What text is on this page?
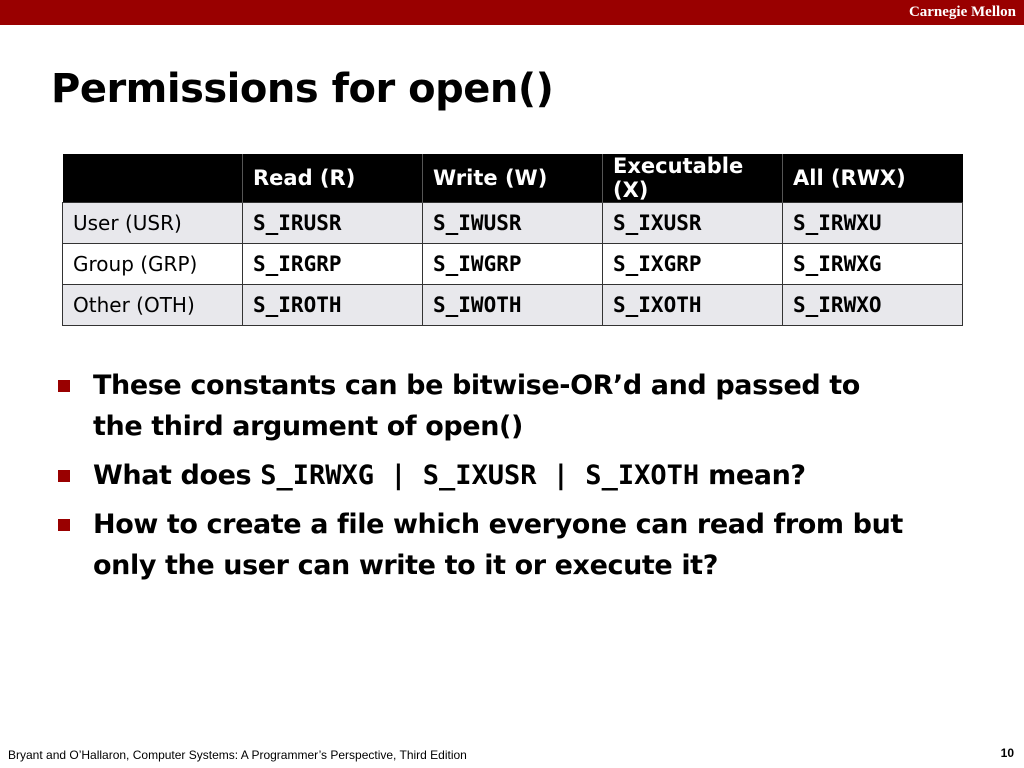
Carnegie Mellon
Permissions for open()
	Read (R)	Write (W)	Executable (X)	All (RWX)
User (USR)	S_IRUSR	S_IWUSR	S_IXUSR	S_IRWXU
Group (GRP)	S_IRGRP	S_IWGRP	S_IXGRP	S_IRWXG
Other (OTH)	S_IROTH	S_IWOTH	S_IXOTH	S_IRWXO
These constants can be bitwise-OR’d and passed to the third argument of open()
What does S_IRWXG | S_IXUSR | S_IXOTH mean?
How to create a file which everyone can read from but only the user can write to it or execute it?
Bryant and O’Hallaron, Computer Systems: A Programmer’s Perspective, Third Edition	10
